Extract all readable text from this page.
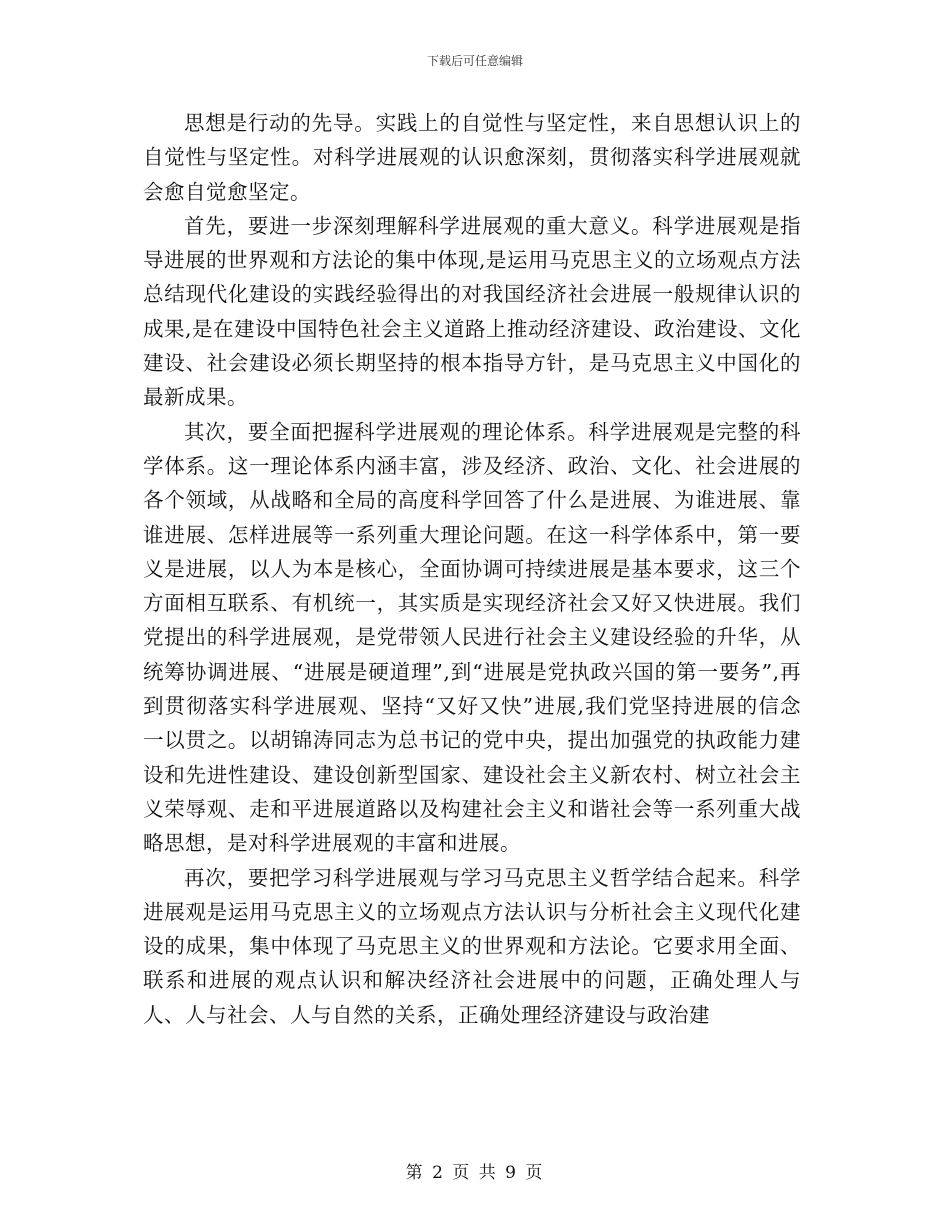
下载后可任意编辑

思想是行动的先导。实践上的自觉性与坚定性，来自思想认识上的自觉性与坚定性。对科学进展观的认识愈深刻，贯彻落实科学进展观就会愈自觉愈坚定。

首先，要进一步深刻理解科学进展观的重大意义。科学进展观是指导进展的世界观和方法论的集中体现,是运用马克思主义的立场观点方法总结现代化建设的实践经验得出的对我国经济社会进展一般规律认识的成果,是在建设中国特色社会主义道路上推动经济建设、政治建设、文化建设、社会建设必须长期坚持的根本指导方针，是马克思主义中国化的最新成果。

其次，要全面把握科学进展观的理论体系。科学进展观是完整的科学体系。这一理论体系内涵丰富，涉及经济、政治、文化、社会进展的各个领域，从战略和全局的高度科学回答了什么是进展、为谁进展、靠谁进展、怎样进展等一系列重大理论问题。在这一科学体系中，第一要义是进展，以人为本是核心，全面协调可持续进展是基本要求，这三个方面相互联系、有机统一，其实质是实现经济社会又好又快进展。我们党提出的科学进展观，是党带领人民进行社会主义建设经验的升华，从统筹协调进展、“进展是硬道理”,到“进展是党执政兴国的第一要务”,再到贯彻落实科学进展观、坚持“又好又快”进展,我们党坚持进展的信念一以贯之。以胡锦涛同志为总书记的党中央，提出加强党的执政能力建设和先进性建设、建设创新型国家、建设社会主义新农村、树立社会主义荣辱观、走和平进展道路以及构建社会主义和谐社会等一系列重大战略思想，是对科学进展观的丰富和进展。

再次，要把学习科学进展观与学习马克思主义哲学结合起来。科学进展观是运用马克思主义的立场观点方法认识与分析社会主义现代化建设的成果，集中体现了马克思主义的世界观和方法论。它要求用全面、联系和进展的观点认识和解决经济社会进展中的问题，正确处理人与人、人与社会、人与自然的关系，正确处理经济建设与政治建

第 2 页 共 9 页
